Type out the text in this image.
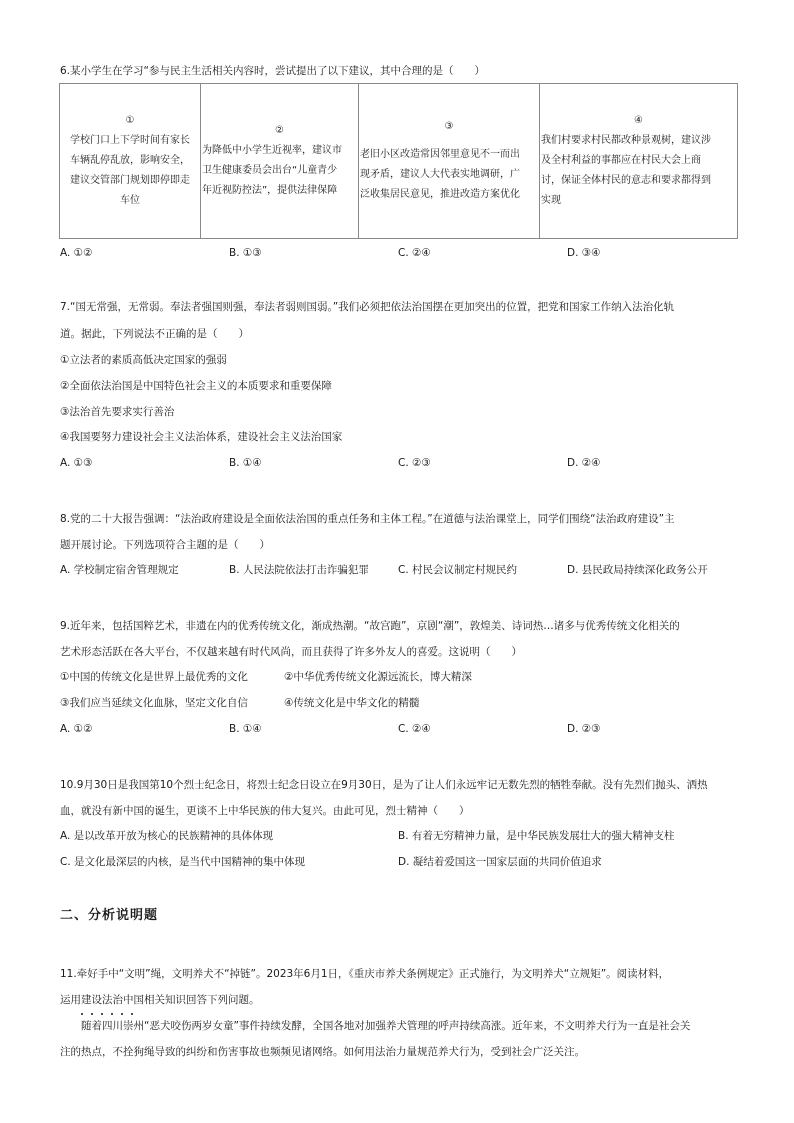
6.某小学生在学习“参与民主生活相关内容时，尝试提出了以下建议，其中合理的是（　　）
①
学校门口上下学时间有家长
车辆乱停乱放，影响安全，
建议交管部门规划即停即走
车位

②
为降低中小学生近视率，建议市
卫生健康委员会出台“儿童青少
年近视防控法”，提供法律保障

③
老旧小区改造常因邻里意见不一而出
现矛盾，建议人大代表实地调研，广
泛收集居民意见，推进改造方案优化

④
我们村要求村民都改种景观树，建议涉
及全村利益的事都应在村民大会上商
讨，保证全体村民的意志和要求都得到
实现
A. ①②	B. ①③	C. ②④	D. ③④
7.“国无常强，无常弱。奉法者强国则强，奉法者弱则国弱。”我们必须把依法治国摆在更加突出的位置，把党和国家工作纳入法治化轨
道。据此，下列说法不正确的是（　　）
①立法者的素质高低决定国家的强弱
②全面依法治国是中国特色社会主义的本质要求和重要保障
③法治首先要求实行善治
④我国要努力建设社会主义法治体系，建设社会主义法治国家
A. ①③	B. ①④	C. ②③	D. ②④
8.党的二十大报告强调：“法治政府建设是全面依法治国的重点任务和主体工程。”在道德与法治课堂上，同学们围绕“法治政府建设”主
题开展讨论。下列选项符合主题的是（　　）
A. 学校制定宿舍管理规定	B. 人民法院依法打击诈骗犯罪	C. 村民会议制定村规民约	D. 县民政局持续深化政务公开
9.近年来，包括国粹艺术，非遗在内的优秀传统文化，渐成热潮。“故宫跑”，京剧“潮”，敦煌美、诗词热…诸多与优秀传统文化相关的
艺术形态活跃在各大平台，不仅越来越有时代风尚，而且获得了许多外友人的喜爱。这说明（　　）
①中国的传统文化是世界上最优秀的文化	②中华优秀传统文化源远流长，博大精深
③我们应当延续文化血脉，坚定文化自信	④传统文化是中华文化的精髓
A. ①②	B. ①④	C. ②④	D. ②③
10.9月30日是我国第10个烈士纪念日，将烈士纪念日设立在9月30日，是为了让人们永远牢记无数先烈的牺牲奉献。没有先烈们抛头、洒热
血，就没有新中国的诞生，更谈不上中华民族的伟大复兴。由此可见，烈士精神（　　）
A. 是以改革开放为核心的民族精神的具体体现	B. 有着无穷精神力量，是中华民族发展壮大的强大精神支柱
C. 是文化最深层的内核，是当代中国精神的集中体现	D. 凝结着爱国这一国家层面的共同价值追求
二、分析说明题
11.牵好手中“文明”绳，文明养犬不“掉链”。2023年6月1日，《重庆市养犬条例规定》正式施行，为文明养犬“立规矩”。阅读材料，
运用建设法治中国相关知识回答下列问题。
　　随着四川崇州“恶犬咬伤两岁女童”事件持续发酵，全国各地对加强养犬管理的呼声持续高涨。近年来，不文明养犬行为一直是社会关
注的热点，不拴狗绳导致的纠纷和伤害事故也频频见诸网络。如何用法治力量规范养犬行为，受到社会广泛关注。
